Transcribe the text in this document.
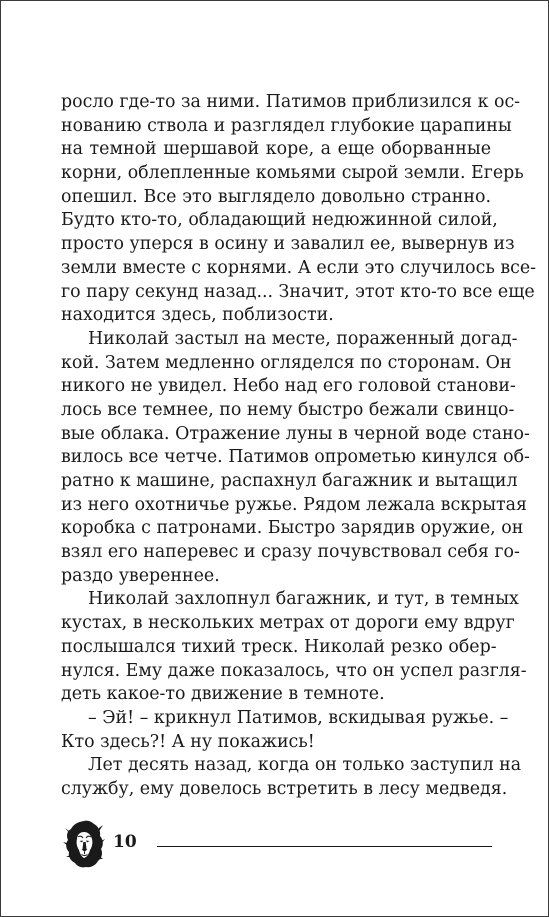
росло где-то за ними. Патимов приблизился к ос-
нованию ствола и разглядел глубокие царапины
на темной шершавой коре, а еще оборванные
корни, облепленные комьями сырой земли. Егерь
опешил. Все это выглядело довольно странно.
Будто кто-то, обладающий недюжинной силой,
просто уперся в осину и завалил ее, вывернув из
земли вместе с корнями. А если это случилось все-
го пару секунд назад... Значит, этот кто-то все еще
находится здесь, поблизости.
Николай застыл на месте, пораженный догад-
кой. Затем медленно огляделся по сторонам. Он
никого не увидел. Небо над его головой станови-
лось все темнее, по нему быстро бежали свинцо-
вые облака. Отражение луны в черной воде стано-
вилось все четче. Патимов опрометью кинулся об-
ратно к машине, распахнул багажник и вытащил
из него охотничье ружье. Рядом лежала вскрытая
коробка с патронами. Быстро зарядив оружие, он
взял его наперевес и сразу почувствовал себя го-
раздо увереннее.
Николай захлопнул багажник, и тут, в темных
кустах, в нескольких метрах от дороги ему вдруг
послышался тихий треск. Николай резко обер-
нулся. Ему даже показалось, что он успел разгля-
деть какое-то движение в темноте.
– Эй! – крикнул Патимов, вскидывая ружье. –
Кто здесь?! А ну покажись!
Лет десять назад, когда он только заступил на
службу, ему довелось встретить в лесу медведя.
10
